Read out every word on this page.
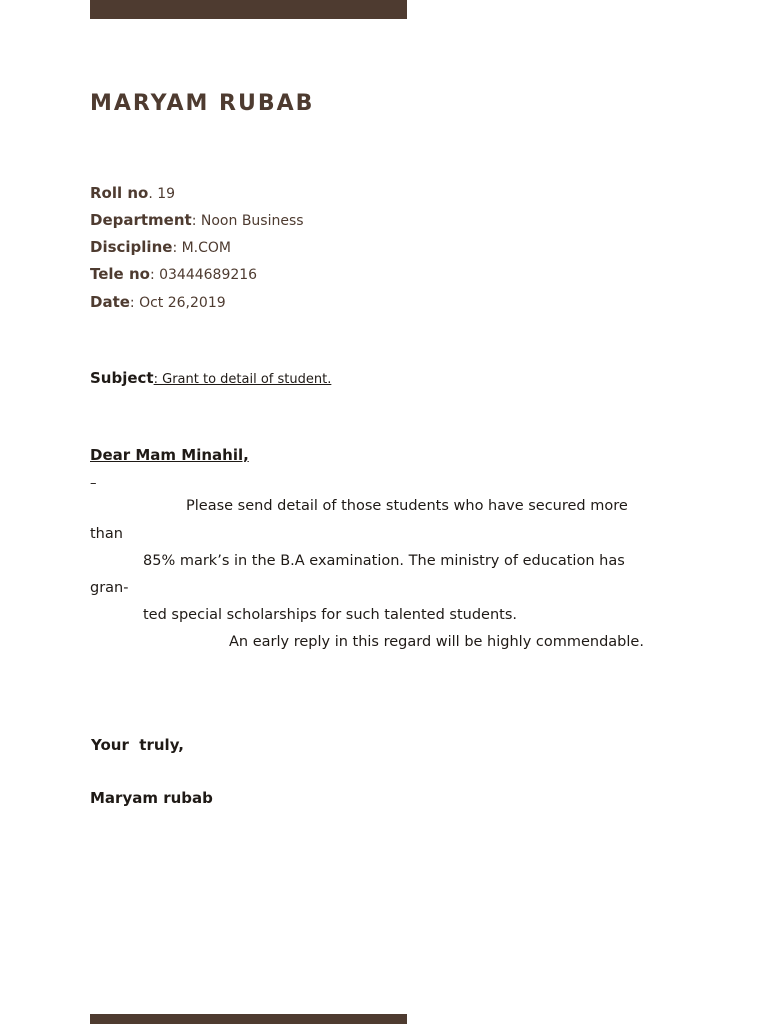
MARYAM RUBAB
Roll no. 19
Department: Noon Business
Discipline: M.COM
Tele no: 03444689216
Date: Oct 26,2019
Subject: Grant to detail of student.
Dear Mam Minahil,
–
Please send detail of those students who have secured more
than
85% mark’s in the B.A examination. The ministry of education has
gran-
ted special scholarships for such talented students.
An early reply in this regard will be highly commendable.
Your  truly,
Maryam rubab
